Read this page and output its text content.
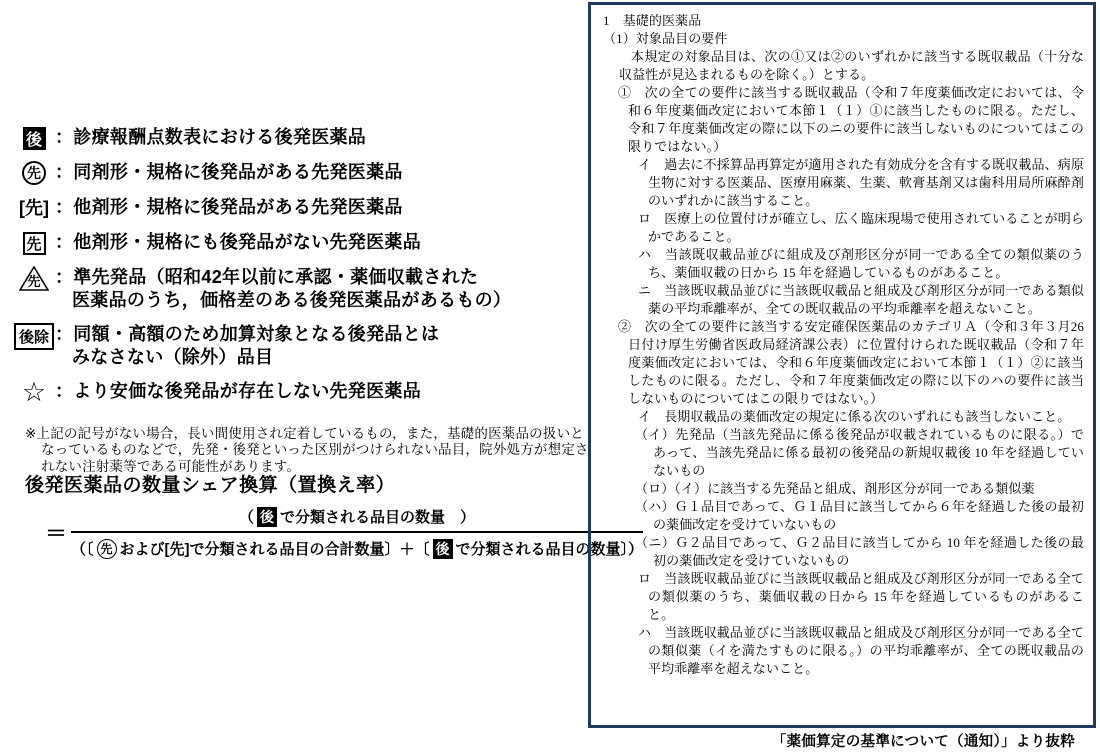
後 ：診療報酬点数表における後発医薬品
先 ：同剤形・規格に後発品がある先発医薬品
[先] ：他剤形・規格に後発品がある先発医薬品
先 ：他剤形・規格にも後発品がない先発医薬品
先 ：準先発品（昭和42年以前に承認・薬価収載された
医薬品のうち，価格差のある後発医薬品があるもの）
後除 ：同額・高額のため加算対象となる後発品とは
みなさない（除外）品目
☆ ：より安価な後発品が存在しない先発医薬品

※上記の記号がない場合，長い間使用され定着しているもの，また，基礎的医薬品の扱いとなっているものなどで，先発・後発といった区別がつけられない品目，院外処方が想定されない注射薬等である可能性があります。

後発医薬品の数量シェア換算（置換え率）
＝
（ 後 で分類される品目の数量　）
（〔 先 および[先]で分類される品目の合計数量〕＋〔 後 で分類される品目の数量〕）

1　基礎的医薬品

（1）対象品目の要件

本規定の対象品目は、次の①又は②のいずれかに該当する既収載品（十分な収益性が見込まれるものを除く。）とする。

①　次の全ての要件に該当する既収載品（令和７年度薬価改定においては、令和６年度薬価改定において本節１（１）①に該当したものに限る。ただし、令和７年度薬価改定の際に以下のニの要件に該当しないものについてはこの限りではない。）

イ　過去に不採算品再算定が適用された有効成分を含有する既収載品、病原生物に対する医薬品、医療用麻薬、生薬、軟膏基剤又は歯科用局所麻酔剤のいずれかに該当すること。

ロ　医療上の位置付けが確立し、広く臨床現場で使用されていることが明らかであること。

ハ　当該既収載品並びに組成及び剤形区分が同一である全ての類似薬のうち、薬価収載の日から 15 年を経過しているものがあること。

ニ　当該既収載品並びに当該既収載品と組成及び剤形区分が同一である類似薬の平均乖離率が、全ての既収載品の平均乖離率を超えないこと。

②　次の全ての要件に該当する安定確保医薬品のカテゴリＡ（令和３年３月26 日付け厚生労働省医政局経済課公表）に位置付けられた既収載品（令和７年度薬価改定においては、令和６年度薬価改定において本節１（１）②に該当したものに限る。ただし、令和７年度薬価改定の際に以下のハの要件に該当しないものについてはこの限りではない。）

イ　長期収載品の薬価改定の規定に係る次のいずれにも該当しないこと。

（イ）先発品（当該先発品に係る後発品が収載されているものに限る。）であって、当該先発品に係る最初の後発品の新規収載後 10 年を経過していないもの

（ロ）（イ）に該当する先発品と組成、剤形区分が同一である類似薬

（ハ）Ｇ１品目であって、Ｇ１品目に該当してから６年を経過した後の最初の薬価改定を受けていないもの

（ニ）Ｇ２品目であって、Ｇ２品目に該当してから 10 年を経過した後の最初の薬価改定を受けていないもの

ロ　当該既収載品並びに当該既収載品と組成及び剤形区分が同一である全ての類似薬のうち、薬価収載の日から 15 年を経過しているものがあること。

ハ　当該既収載品並びに当該既収載品と組成及び剤形区分が同一である全ての類似薬（イを満たすものに限る。）の平均乖離率が、全ての既収載品の平均乖離率を超えないこと。

「薬価算定の基準について（通知）」より抜粋
